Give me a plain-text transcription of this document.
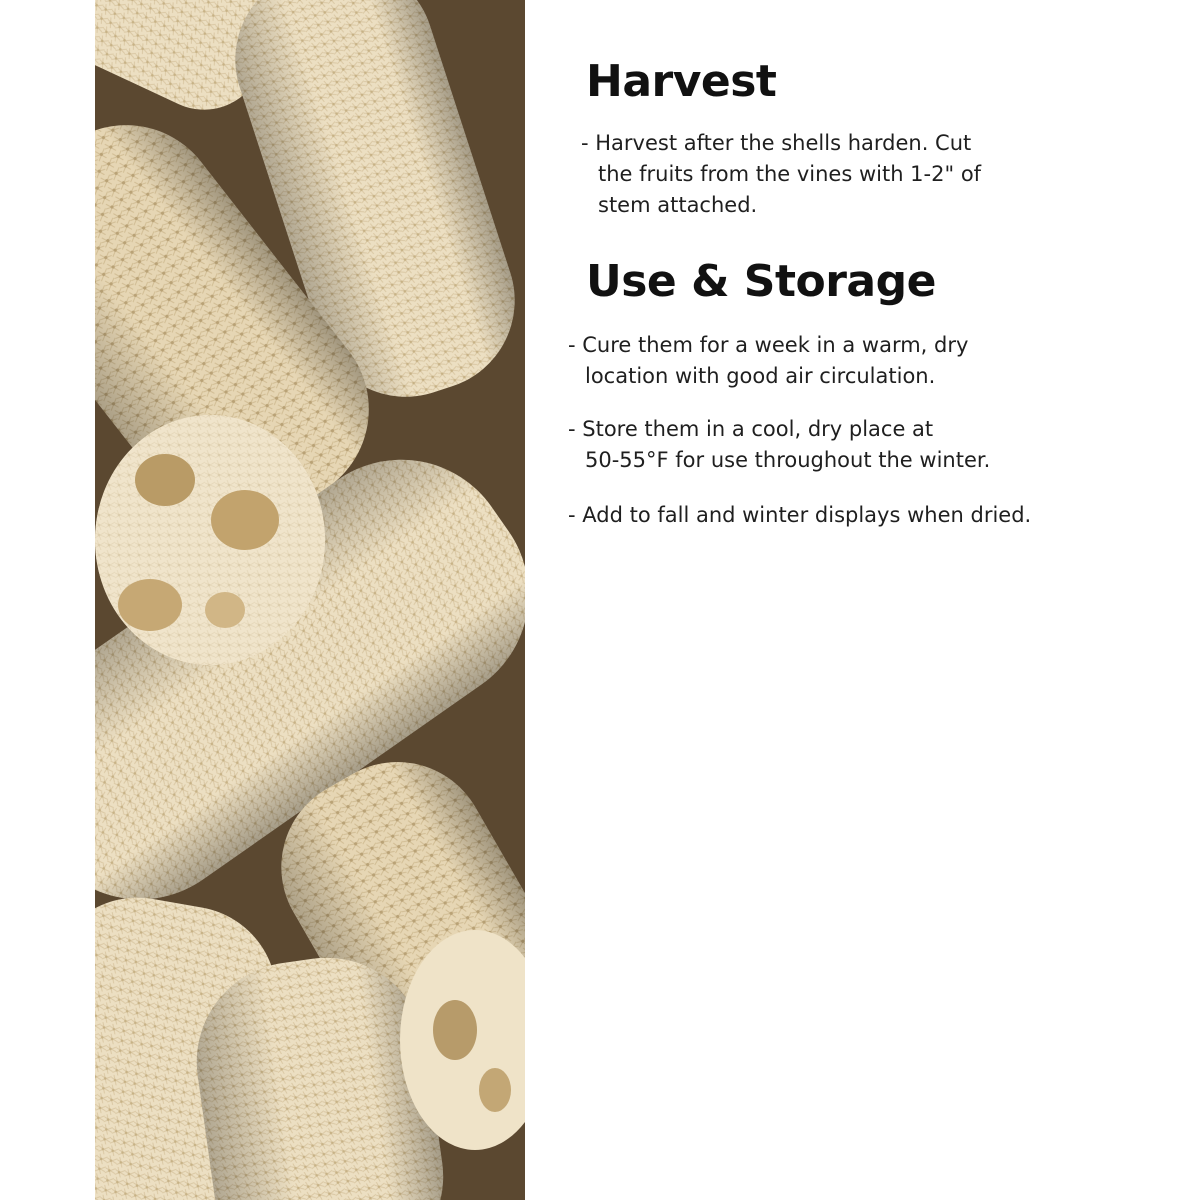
Harvest
- Harvest after the shells harden. Cut
the fruits from the vines with 1-2" of
stem attached.
Use & Storage
- Cure them for a week in a warm, dry
location with good air circulation.
- Store them in a cool, dry place at
50-55°F for use throughout the winter.
- Add to fall and winter displays when dried.
